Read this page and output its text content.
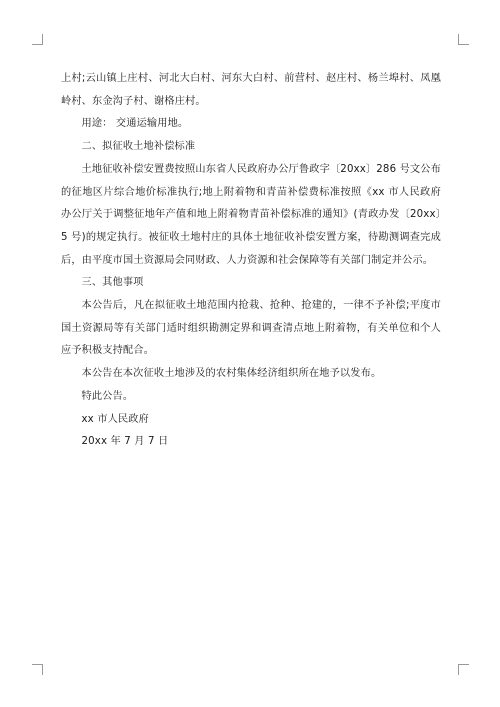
上村;云山镇上庄村、河北大白村、河东大白村、前营村、赵庄村、杨兰埠村、凤凰岭村、东金沟子村、谢格庄村。

用途： 交通运输用地。

二、拟征收土地补偿标准

土地征收补偿安置费按照山东省人民政府办公厅鲁政字〔20xx〕286 号文公布的征地区片综合地价标准执行;地上附着物和青苗补偿费标准按照《xx 市人民政府办公厅关于调整征地年产值和地上附着物青苗补偿标准的通知》(青政办发〔20xx〕5 号)的规定执行。被征收土地村庄的具体土地征收补偿安置方案，待勘测调查完成后，由平度市国土资源局会同财政、人力资源和社会保障等有关部门制定并公示。

三、其他事项

本公告后，凡在拟征收土地范围内抢栽、抢种、抢建的，一律不予补偿;平度市国土资源局等有关部门适时组织勘测定界和调查清点地上附着物，有关单位和个人应予积极支持配合。

本公告在本次征收土地涉及的农村集体经济组织所在地予以发布。

特此公告。

xx 市人民政府

20xx 年 7 月 7 日
